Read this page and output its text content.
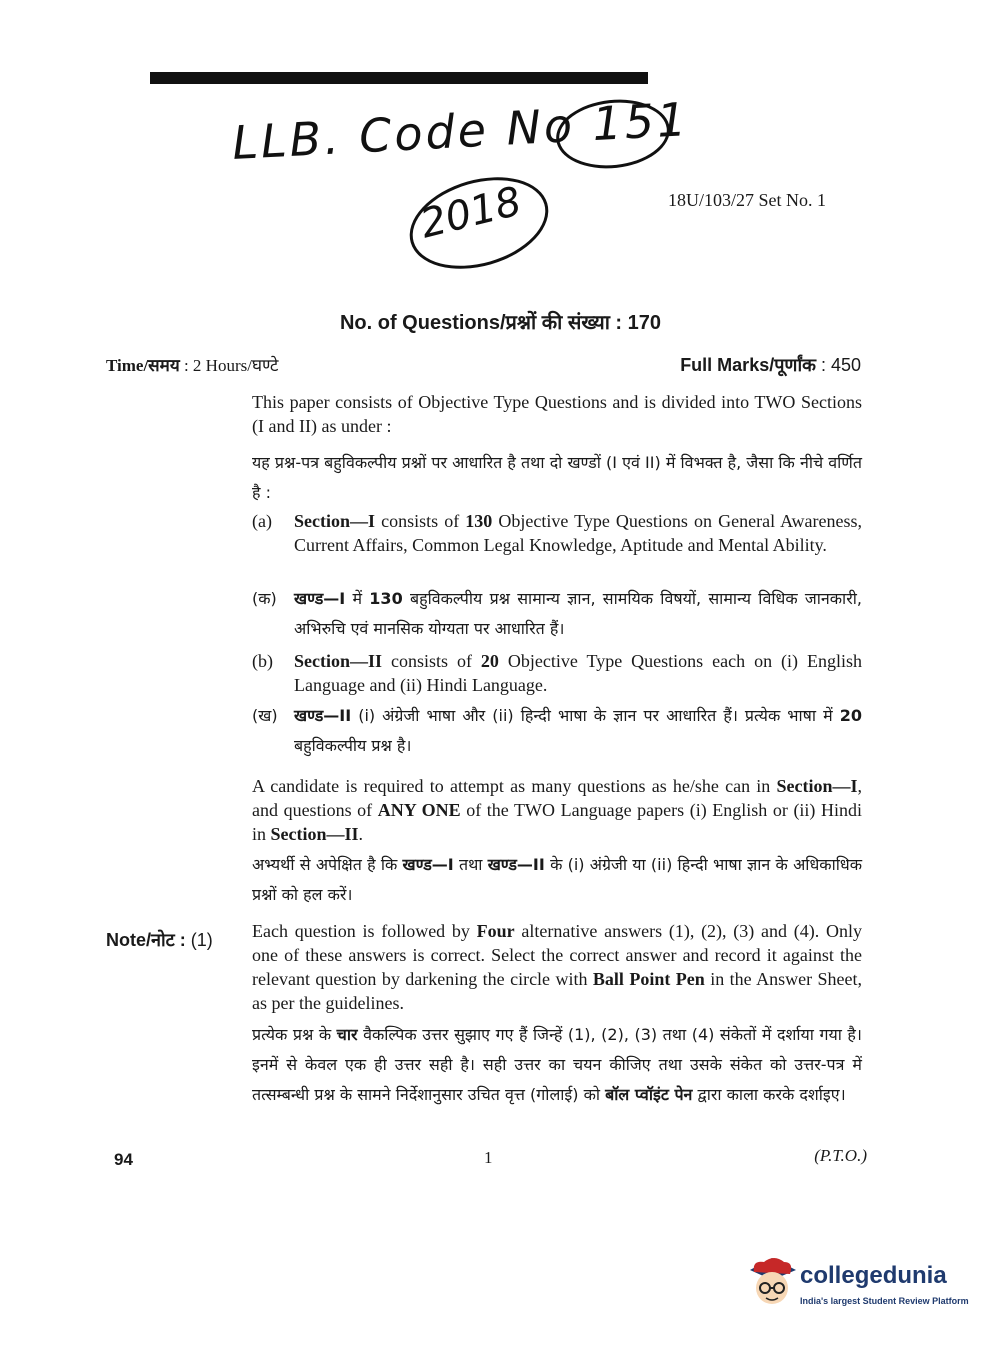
LLB. Code No 151
2018	18U/103/27 Set No. 1
No. of Questions/प्रश्नों की संख्या : 170
Time/समय : 2 Hours/घण्टे	Full Marks/पूर्णांक : 450
This paper consists of Objective Type Questions and is divided into TWO Sections (I and II) as under :
यह प्रश्न-पत्र बहुविकल्पीय प्रश्नों पर आधारित है तथा दो खण्डों (I एवं II) में विभक्त है, जैसा कि नीचे वर्णित है :
(a)	Section—I consists of 130 Objective Type Questions on General Awareness, Current Affairs, Common Legal Knowledge, Aptitude and Mental Ability.
(क)	खण्ड—I में 130 बहुविकल्पीय प्रश्न सामान्य ज्ञान, सामयिक विषयों, सामान्य विधिक जानकारी, अभिरुचि एवं मानसिक योग्यता पर आधारित हैं।
(b)	Section—II consists of 20 Objective Type Questions each on (i) English Language and (ii) Hindi Language.
(ख)	खण्ड—II (i) अंग्रेजी भाषा और (ii) हिन्दी भाषा के ज्ञान पर आधारित हैं। प्रत्येक भाषा में 20 बहुविकल्पीय प्रश्न है।
A candidate is required to attempt as many questions as he/she can in Section—I, and questions of ANY ONE of the TWO Language papers (i) English or (ii) Hindi in Section—II.
अभ्यर्थी से अपेक्षित है कि खण्ड—I तथा खण्ड—II के (i) अंग्रेजी या (ii) हिन्दी भाषा ज्ञान के अधिकाधिक प्रश्नों को हल करें।
Note/नोट : (1) Each question is followed by Four alternative answers (1), (2), (3) and (4). Only one of these answers is correct. Select the correct answer and record it against the relevant question by darkening the circle with Ball Point Pen in the Answer Sheet, as per the guidelines.
प्रत्येक प्रश्न के चार वैकल्पिक उत्तर सुझाए गए हैं जिन्हें (1), (2), (3) तथा (4) संकेतों में दर्शाया गया है। इनमें से केवल एक ही उत्तर सही है। सही उत्तर का चयन कीजिए तथा उसके संकेत को उत्तर-पत्र में तत्सम्बन्धी प्रश्न के सामने निर्देशानुसार उचित वृत्त (गोलाई) को बॉल प्वॉइंट पेन द्वारा काला करके दर्शाइए।
94	1	(P.T.O.)
collegedunia
India's largest Student Review Platform
